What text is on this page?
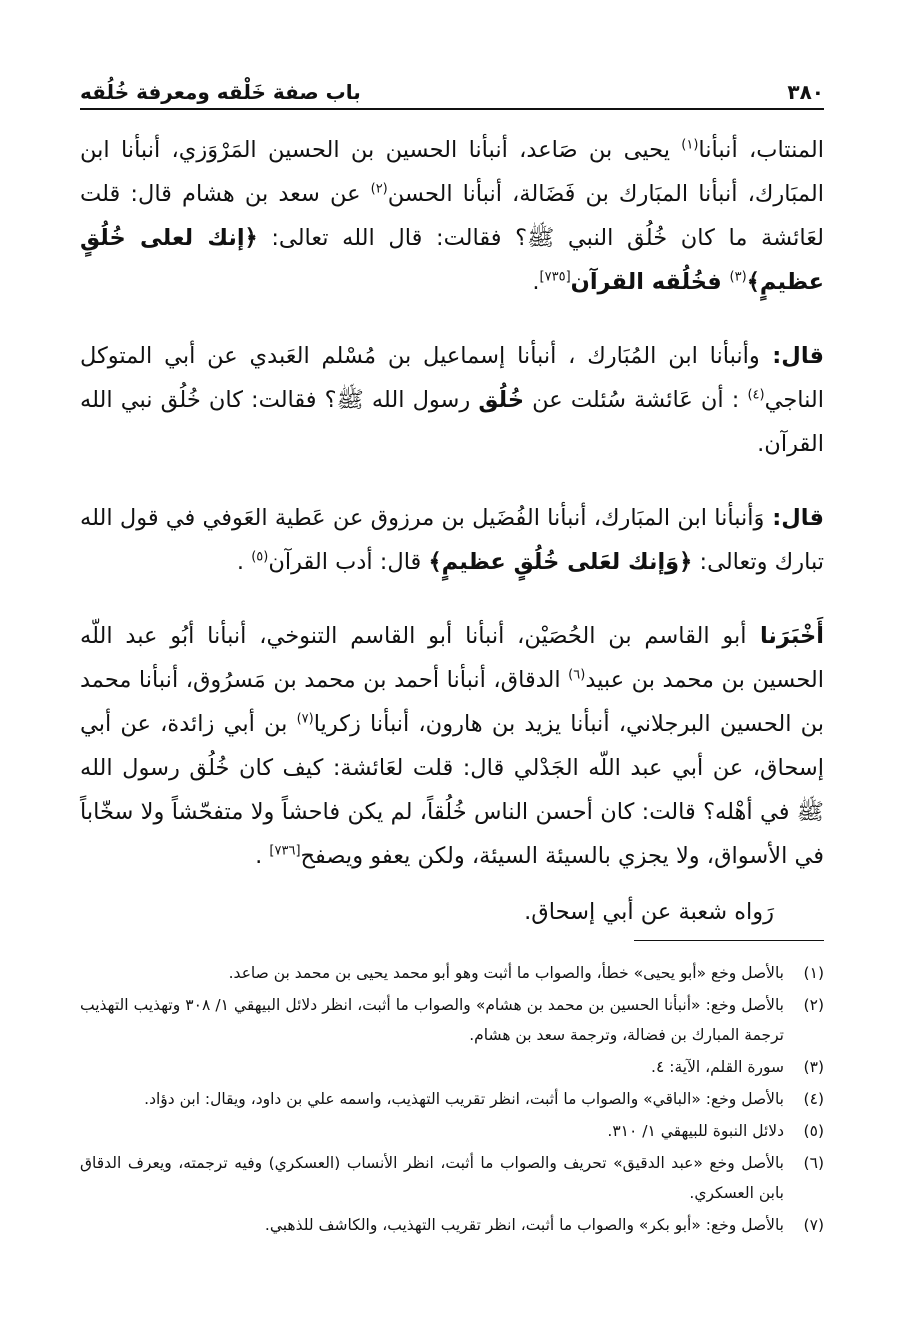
٣٨٠
باب صفة خَلْقه ومعرفة خُلُقه

المنتاب، أنبأنا$^{(١)}$ يحيى بن صَاعد، أنبأنا الحسين بن الحسين المَرْوَزي، أنبأنا ابن المبَارك، أنبأنا المبَارك بن فَضَالة، أنبأنا الحسن$^{(٢)}$ عن سعد بن هشام قال: قلت لعَائشة ما كان خُلُق النبي ﷺ؟ فقالت: قال الله تعالى: ﴿إنك لعلى خُلُقٍ عظيمٍ﴾$^{(٣)}$ فخُلُقه القرآن[٧٣٥].

قال: وأنبأنا ابن المُبَارك ، أنبأنا إسماعيل بن مُسْلم العَبدي عن أبي المتوكل الناجي$^{(٤)}$ : أن عَائشة سُئلت عن خُلُق رسول الله ﷺ؟ فقالت: كان خُلُق نبي الله القرآن.

قال: وَأنبأنا ابن المبَارك، أنبأنا الفُضَيل بن مرزوق عن عَطية العَوفي في قول الله تبارك وتعالى: ﴿وَإنك لعَلى خُلُقٍ عظيمٍ﴾ قال: أدب القرآن$^{(٥)}$ .

أَخْبَرَنا أبو القاسم بن الحُصَيْن، أنبأنا أبو القاسم التنوخي، أنبأنا أبُو عبد اللّه الحسين بن محمد بن عبيد$^{(٦)}$ الدقاق، أنبأنا أحمد بن محمد بن مَسرُوق، أنبأنا محمد بن الحسين البرجلاني، أنبأنا يزيد بن هارون، أنبأنا زكريا$^{(٧)}$ بن أبي زائدة، عن أبي إسحاق، عن أبي عبد اللّه الجَدْلي قال: قلت لعَائشة: كيف كان خُلُق رسول الله ﷺ في أهْله؟ قالت: كان أحسن الناس خُلُقاً، لم يكن فاحشاً ولا متفحّشاً ولا سخّاباً في الأسواق، ولا يجزي بالسيئة السيئة، ولكن يعفو ويصفح[٧٣٦] .

رَواه شعبة عن أبي إسحاق.

(١)
بالأصل وخع «أبو يحيى» خطأ، والصواب ما أثبت وهو أبو محمد يحيى بن محمد بن صاعد.
(٢)
بالأصل وخع: «أنبأنا الحسين بن محمد بن هشام» والصواب ما أثبت، انظر دلائل البيهقي ١/ ٣٠٨ وتهذيب التهذيب ترجمة المبارك بن فضالة، وترجمة سعد بن هشام.
(٣)
سورة القلم، الآية: ٤.
(٤)
بالأصل وخع: «الباقي» والصواب ما أثبت، انظر تقريب التهذيب، واسمه علي بن داود، ويقال: ابن دؤاد.
(٥)
دلائل النبوة للبيهقي ١/ ٣١٠.
(٦)
بالأصل وخع «عبد الدقيق» تحريف والصواب ما أثبت، انظر الأنساب (العسكري) وفيه ترجمته، ويعرف الدقاق بابن العسكري.
(٧)
بالأصل وخع: «أبو بكر» والصواب ما أثبت، انظر تقريب التهذيب، والكاشف للذهبي.
